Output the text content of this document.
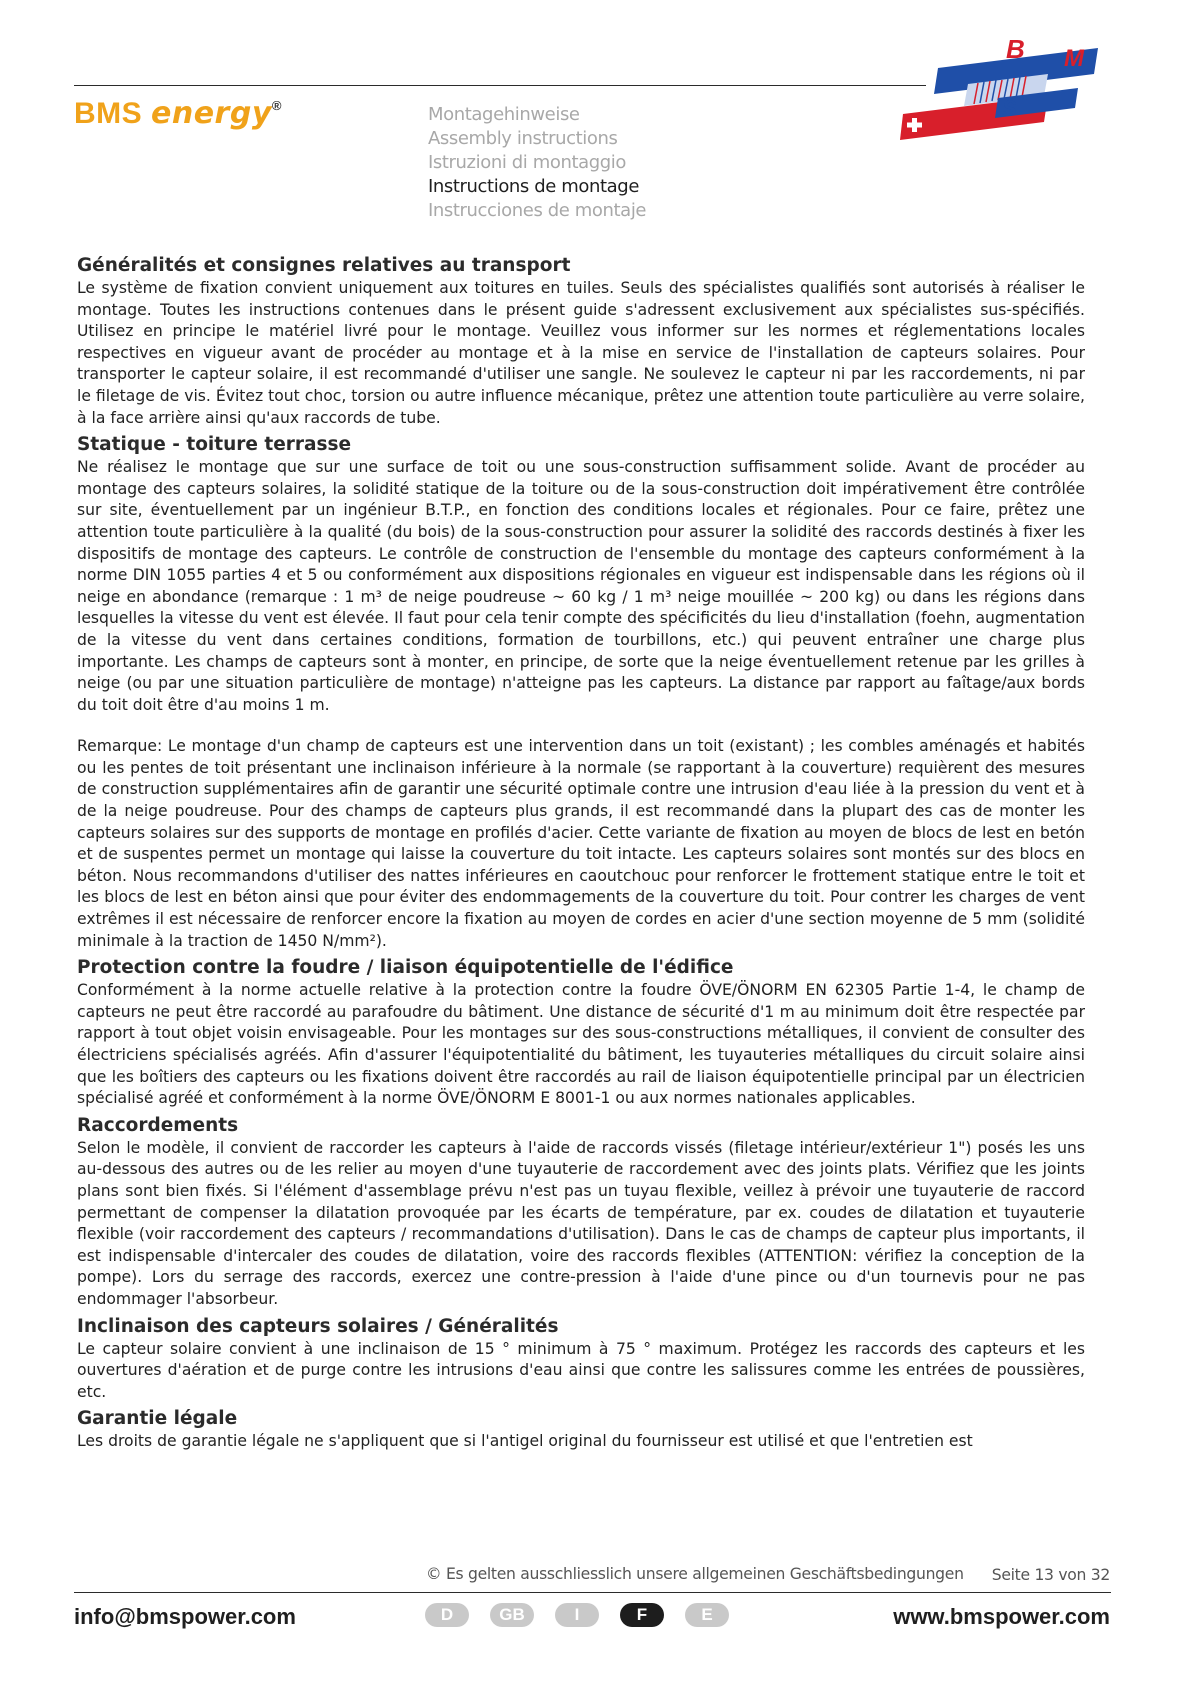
BMS energy®	Montagehinweise
Assembly instructions
Istruzioni di montaggio
Instructions de montage
Instrucciones de montaje
B M
S
Généralités et consignes relatives au transport

Le système de fixation convient uniquement aux toitures en tuiles. Seuls des spécialistes qualifiés sont autorisés à réaliser le montage. Toutes les instructions contenues dans le présent guide s'adressent exclusivement aux spécialistes sus-spécifiés. Utilisez en principe le matériel livré pour le montage. Veuillez vous informer sur les normes et réglementations locales respectives en vigueur avant de procéder au montage et à la mise en service de l'installation de capteurs solaires. Pour transporter le capteur solaire, il est recommandé d'utiliser une sangle. Ne soulevez le capteur ni par les raccordements, ni par le filetage de vis. Évitez tout choc, torsion ou autre influence mécanique, prêtez une attention toute particulière au verre solaire, à la face arrière ainsi qu'aux raccords de tube.

Statique - toiture terrasse

Ne réalisez le montage que sur une surface de toit ou une sous-construction suffisamment solide. Avant de procéder au montage des capteurs solaires, la solidité statique de la toiture ou de la sous-construction doit impérativement être contrôlée sur site, éventuellement par un ingénieur B.T.P., en fonction des conditions locales et régionales. Pour ce faire, prêtez une attention toute particulière à la qualité (du bois) de la sous-construction pour assurer la solidité des raccords destinés à fixer les dispositifs de montage des capteurs. Le contrôle de construction de l'ensemble du montage des capteurs conformément à la norme DIN 1055 parties 4 et 5 ou conformément aux dispositions régionales en vigueur est indispensable dans les régions où il neige en abondance (remarque : 1 m³ de neige poudreuse ~ 60 kg / 1 m³ neige mouillée ~ 200 kg) ou dans les régions dans lesquelles la vitesse du vent est élevée. Il faut pour cela tenir compte des spécificités du lieu d'installation (foehn, augmentation de la vitesse du vent dans certaines conditions, formation de tourbillons, etc.) qui peuvent entraîner une charge plus importante. Les champs de capteurs sont à monter, en principe, de sorte que la neige éventuellement retenue par les grilles à neige (ou par une situation particulière de montage) n'atteigne pas les capteurs. La distance par rapport au faîtage/aux bords du toit doit être d'au moins 1 m.

Remarque: Le montage d'un champ de capteurs est une intervention dans un toit (existant) ; les combles aménagés et habités ou les pentes de toit présentant une inclinaison inférieure à la normale (se rapportant à la couverture) requièrent des mesures de construction supplémentaires afin de garantir une sécurité optimale contre une intrusion d'eau liée à la pression du vent et à de la neige poudreuse. Pour des champs de capteurs plus grands, il est recommandé dans la plupart des cas de monter les capteurs solaires sur des supports de montage en profilés d'acier. Cette variante de fixation au moyen de blocs de lest en betón et de suspentes permet un montage qui laisse la couverture du toit intacte. Les capteurs solaires sont montés sur des blocs en béton. Nous recommandons d'utiliser des nattes inférieures en caoutchouc pour renforcer le frottement statique entre le toit et les blocs de lest en béton ainsi que pour éviter des endommagements de la couverture du toit. Pour contrer les charges de vent extrêmes il est nécessaire de renforcer encore la fixation au moyen de cordes en acier d'une section moyenne de 5 mm (solidité minimale à la traction de 1450 N/mm²).

Protection contre la foudre / liaison équipotentielle de l'édifice

Conformément à la norme actuelle relative à la protection contre la foudre ÖVE/ÖNORM EN 62305 Partie 1-4, le champ de capteurs ne peut être raccordé au parafoudre du bâtiment. Une distance de sécurité d'1 m au minimum doit être respectée par rapport à tout objet voisin envisageable. Pour les montages sur des sous-constructions métalliques, il convient de consulter des électriciens spécialisés agréés. Afin d'assurer l'équipotentialité du bâtiment, les tuyauteries métalliques du circuit solaire ainsi que les boîtiers des capteurs ou les fixations doivent être raccordés au rail de liaison équipotentielle principal par un électricien spécialisé agréé et conformément à la norme ÖVE/ÖNORM E 8001-1 ou aux normes nationales applicables.

Raccordements

Selon le modèle, il convient de raccorder les capteurs à l'aide de raccords vissés (filetage intérieur/extérieur 1") posés les uns au-dessous des autres ou de les relier au moyen d'une tuyauterie de raccordement avec des joints plats. Vérifiez que les joints plans sont bien fixés. Si l'élément d'assemblage prévu n'est pas un tuyau flexible, veillez à prévoir une tuyauterie de raccord permettant de compenser la dilatation provoquée par les écarts de température, par ex. coudes de dilatation et tuyauterie flexible (voir raccordement des capteurs / recommandations d'utilisation). Dans le cas de champs de capteur plus importants, il est indispensable d'intercaler des coudes de dilatation, voire des raccords flexibles (ATTENTION: vérifiez la conception de la pompe). Lors du serrage des raccords, exercez une contre-pression à l'aide d'une pince ou d'un tournevis pour ne pas endommager l'absorbeur.

Inclinaison des capteurs solaires / Généralités

Le capteur solaire convient à une inclinaison de 15 ° minimum à 75 ° maximum. Protégez les raccords des capteurs et les ouvertures d'aération et de purge contre les intrusions d'eau ainsi que contre les salissures comme les entrées de poussières, etc.

Garantie légale

Les droits de garantie légale ne s'appliquent que si l'antigel original du fournisseur est utilisé et que l'entretien est

© Es gelten ausschliesslich unsere allgemeinen Geschäftsbedingungen Seite 13 von 32
info@bmspower.com	D	GB	I	F	E	www.bmspower.com
